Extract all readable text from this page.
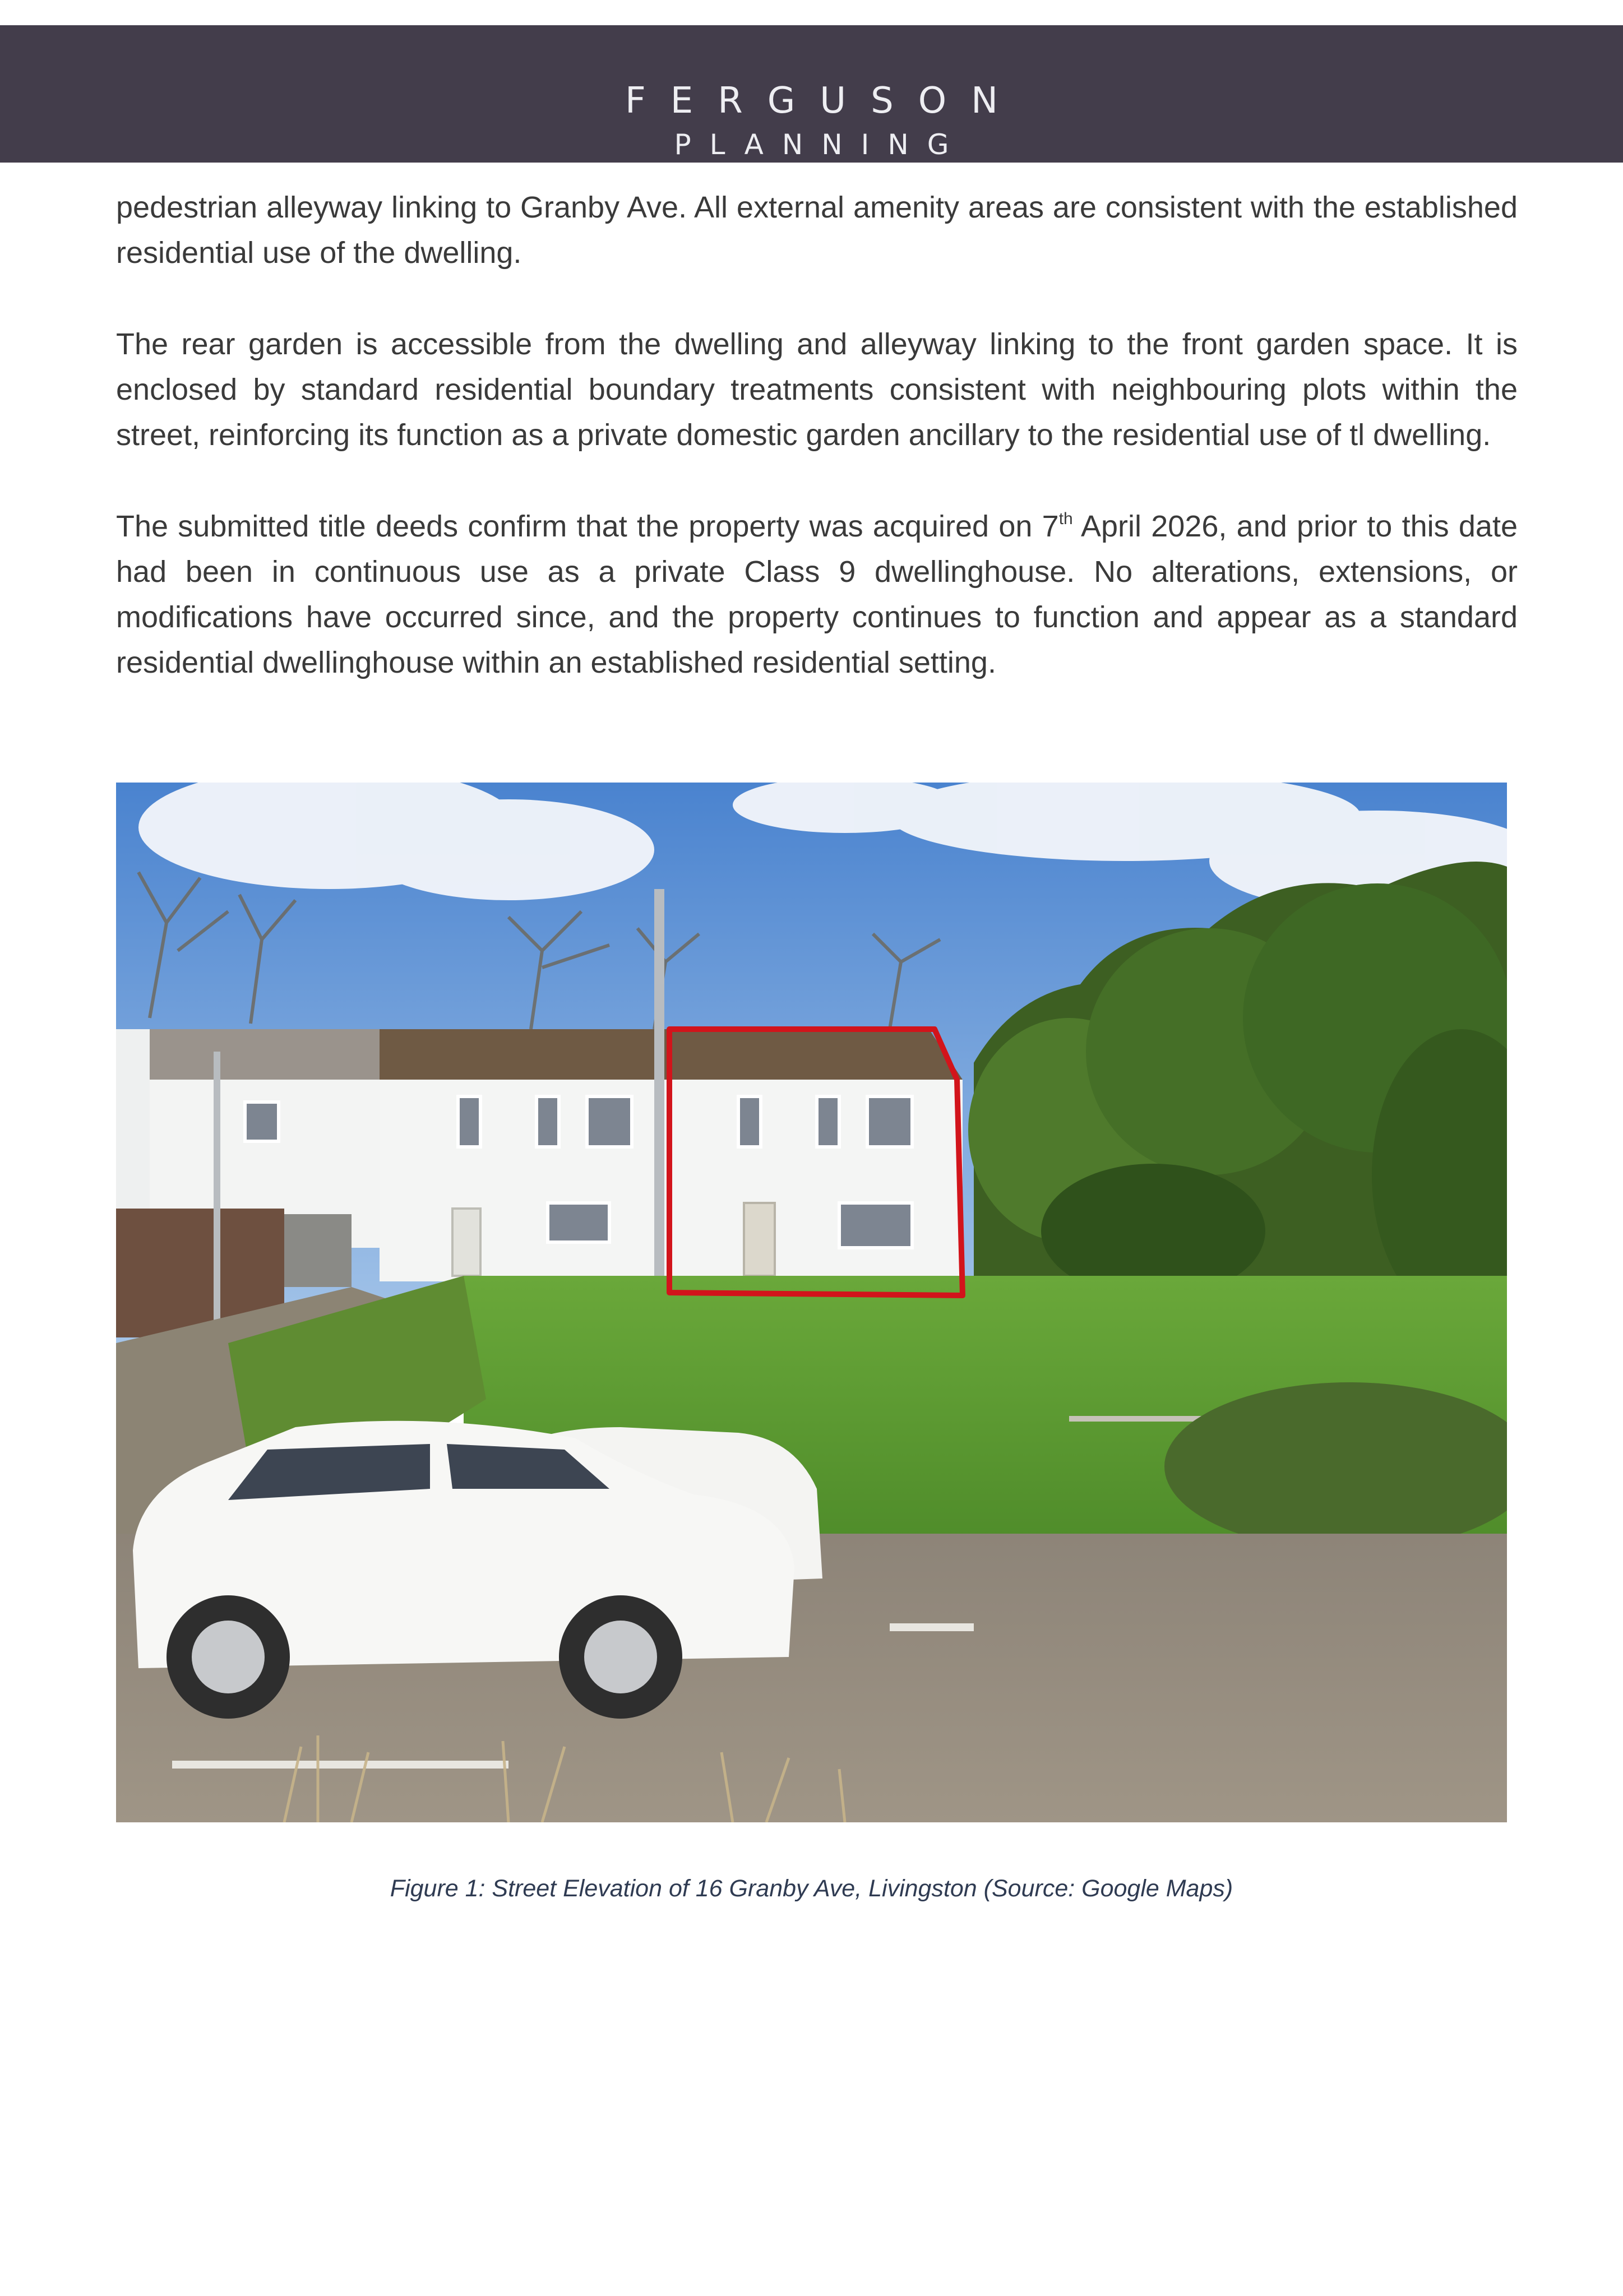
FERGUSON
PLANNING

pedestrian alleyway linking to Granby Ave. All external amenity areas are consistent with the established residential use of the dwelling.

The rear garden is accessible from the dwelling and alleyway linking to the front garden space. It is enclosed by standard residential boundary treatments consistent with neighbouring plots within the street, reinforcing its function as a private domestic garden ancillary to the residential use of tl dwelling.

The submitted title deeds confirm that the property was acquired on 7th April 2026, and prior to this date had been in continuous use as a private Class 9 dwellinghouse. No alterations, extensions, or modifications have occurred since, and the property continues to function and appear as a standard residential dwellinghouse within an established residential setting.

Figure 1: Street Elevation of 16 Granby Ave, Livingston (Source: Google Maps)
